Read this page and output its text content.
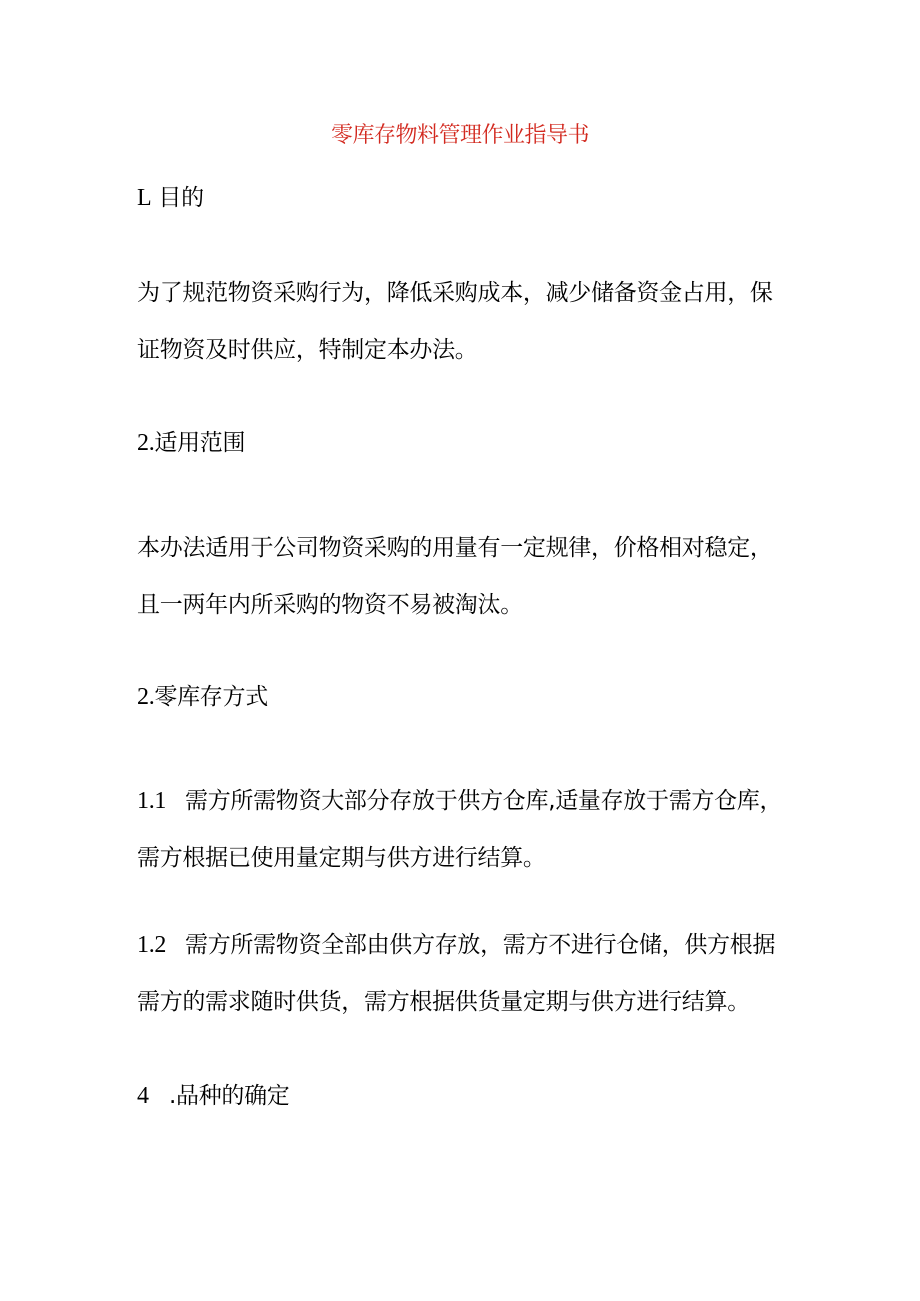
零库存物料管理作业指导书
L 目的
为了规范物资采购行为，降低采购成本，减少储备资金占用，保
证物资及时供应，特制定本办法。
2.适用范围
本办法适用于公司物资采购的用量有一定规律，价格相对稳定，
且一两年内所采购的物资不易被淘汰。
2.零库存方式
1.1 需方所需物资大部分存放于供方仓库,适量存放于需方仓库，
需方根据已使用量定期与供方进行结算。
1.2 需方所需物资全部由供方存放，需方不进行仓储，供方根据
需方的需求随时供货，需方根据供货量定期与供方进行结算。
4 .品种的确定
